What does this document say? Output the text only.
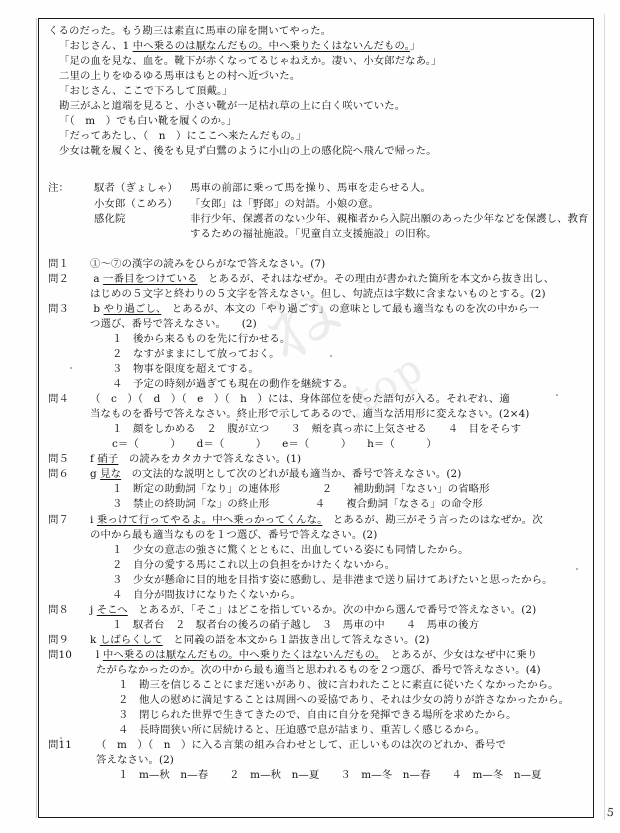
ね
.top
くるのだった。もう勘三は素直に馬車の扉を開いてやった。
「おじさん、1 中へ乗るのは厭なんだもの。中へ乗りたくはないんだもの。」
「足の血を見な、血を。靴下が赤くなってるじゃねえか。凄い、小女郎だなあ。」
二里の上りをゆるゆる馬車はもとの村へ近づいた。
「おじさん、ここで下ろして頂戴。」
勘三がふと道端を見ると、小さい靴が一足枯れ草の上に白く咲いていた。
「（　m　）でも白い靴を履くのか。」
「だってあたし、（　n　）にここへ来たんだもの。」
少女は靴を履くと、後をも見ず白鷺のように小山の上の感化院へ飛んで帰った。
注：	馭者（ぎょしゃ）	馬車の前部に乗って馬を操り、馬車を走らせる人。
小女郎（こめろ）	「女郎」は「野郎」の対語。小娘の意。
感化院	非行少年、保護者のない少年、親権者から入院出願のあった少年などを保護し、教育
するための福祉施設。「児童自立支援施設」の旧称。
問１	①〜⑦の漢字の読みをひらがなで答えなさい。(7)
問２	a 一番目をつけている　とあるが、それはなぜか。その理由が書かれた箇所を本文から抜き出し、
はじめの５文字と終わりの５文字を答えなさい。但し、句読点は字数に含まないものとする。(2)
問３	b やり過ごし、　とあるが、本文の「やり過ごす」の意味として最も適当なものを次の中から一
つ選び、番号で答えなさい。　　(2)
１　後から来るものを先に行かせる。
２　なすがままにして放っておく。
３　物事を限度を超えてする。
４　予定の時刻が過ぎても現在の動作を継続する。
問４	（　c　）（　d　）（　e　）（　h　）には、身体部位を使った語句が入る。それぞれ、適
当なものを番号で答えなさい。終止形で示してあるので、適当な活用形に変えなさい。(2×4)
１　顔をしかめる　２　腹が立つ　　３　頬を真っ赤に上気させる　　４　目をそらす
c＝（　　　）　　d＝（　　　）　　e＝（　　　）　　h＝（　　　）
問５	f 硝子　の読みをカタカナで答えなさい。(1)
問６	g 見な　の文法的な説明として次のどれが最も適当か、番号で答えなさい。(2)
１　断定の助動詞「なり」の連体形　　　　２　　補助動詞「なさい」の省略形
３　禁止の終助詞「な」の終止形　　　　 ４　　複合動詞「なさる」の命令形
問７	i 乗っけて行ってやるよ。中へ乗っかってくんな。　とあるが、勘三がそう言ったのはなぜか。次
の中から最も適当なものを１つ選び、番号で答えなさい。(2)
１　少女の意志の強さに驚くとともに、出血している姿にも同情したから。
２　自分の愛する馬にこれ以上の負担をかけたくないから。
３　少女が懸命に目的地を目指す姿に感動し、是非港まで送り届けてあげたいと思ったから。
４　自分が間抜けになりたくないから。
問８	j そこへ　とあるが、「そこ」はどこを指しているか。次の中から選んで番号で答えなさい。(2)
１　馭者台　２　馭者台の後ろの硝子越し　３　馬車の中　　４　馬車の後方
問９	k しばらくして　と同義の語を本文から１語抜き出して答えなさい。(2)
問10	l 中へ乗るのは厭なんだもの。中へ乗りたくはないんだもの。　とあるが、少女はなぜ中に乗り
たがらなかったのか。次の中から最も適当と思われるものを２つ選び、番号で答えなさい。(4)
１　勘三を信じることにまだ迷いがあり、彼に言われたことに素直に従いたくなかったから。
２　他人の慰めに満足することは周囲への妥協であり、それは少女の誇りが許さなかったから。
３　閉じられた世界で生きてきたので、自由に自分を発揮できる場所を求めたから。
４　長時間狭い所に居続けると、圧迫感で息が詰まり、重苦しく感じるから。
問11	（　m　）（　n　）に入る言葉の組み合わせとして、正しいものは次のどれか、番号で
答えなさい。(2)
１　m—秋　n—春　　２　m—秋　n—夏　　３　m—冬　n—春　　４　m—冬　n—夏
5
